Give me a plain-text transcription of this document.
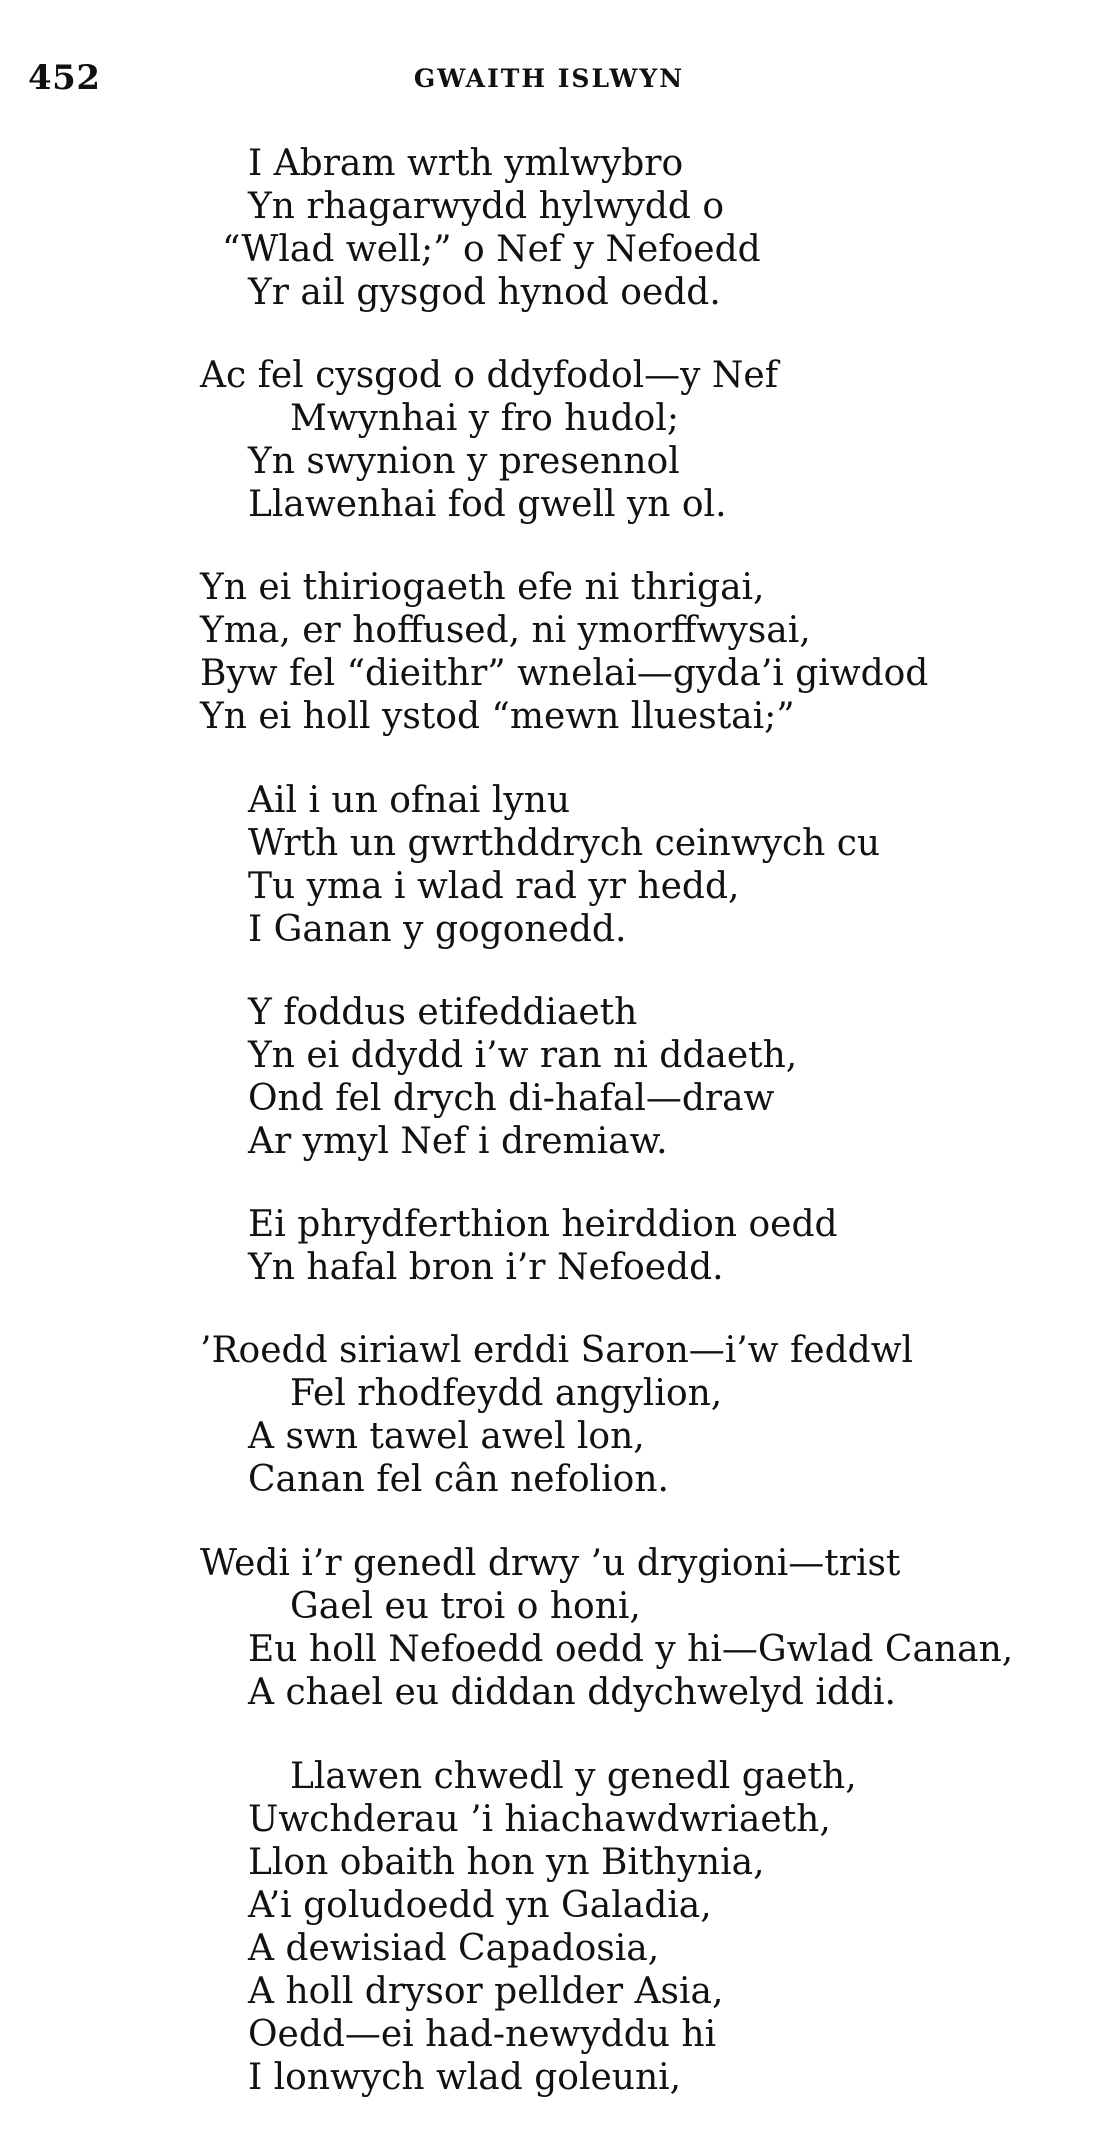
452	GWAITH ISLWYN
I Abram wrth ymlwybro
Yn rhagarwydd hylwydd o
“Wlad well;” o Nef y Nefoedd
Yr ail gysgod hynod oedd.
Ac fel cysgod o ddyfodol—y Nef
Mwynhai y fro hudol;
Yn swynion y presennol
Llawenhai fod gwell yn ol.
Yn ei thiriogaeth efe ni thrigai,
Yma, er hoffused, ni ymorffwysai,
Byw fel “dieithr” wnelai—gyda’i giwdod
Yn ei holl ystod “mewn lluestai;”
Ail i un ofnai lynu
Wrth un gwrthddrych ceinwych cu
Tu yma i wlad rad yr hedd,
I Ganan y gogonedd.
Y foddus etifeddiaeth
Yn ei ddydd i’w ran ni ddaeth,
Ond fel drych di-hafal—draw
Ar ymyl Nef i dremiaw.
Ei phrydferthion heirddion oedd
Yn hafal bron i’r Nefoedd.
’Roedd siriawl erddi Saron—i’w feddwl
Fel rhodfeydd angylion,
A swn tawel awel lon,
Canan fel cân nefolion.
Wedi i’r genedl drwy ’u drygioni—trist
Gael eu troi o honi,
Eu holl Nefoedd oedd y hi—Gwlad Canan,
A chael eu diddan ddychwelyd iddi.
Llawen chwedl y genedl gaeth,
Uwchderau ’i hiachawdwriaeth,
Llon obaith hon yn Bithynia,
A’i goludoedd yn Galadia,
A dewisiad Capadosia,
A holl drysor pellder Asia,
Oedd—ei had-newyddu hi
I lonwych wlad goleuni,
